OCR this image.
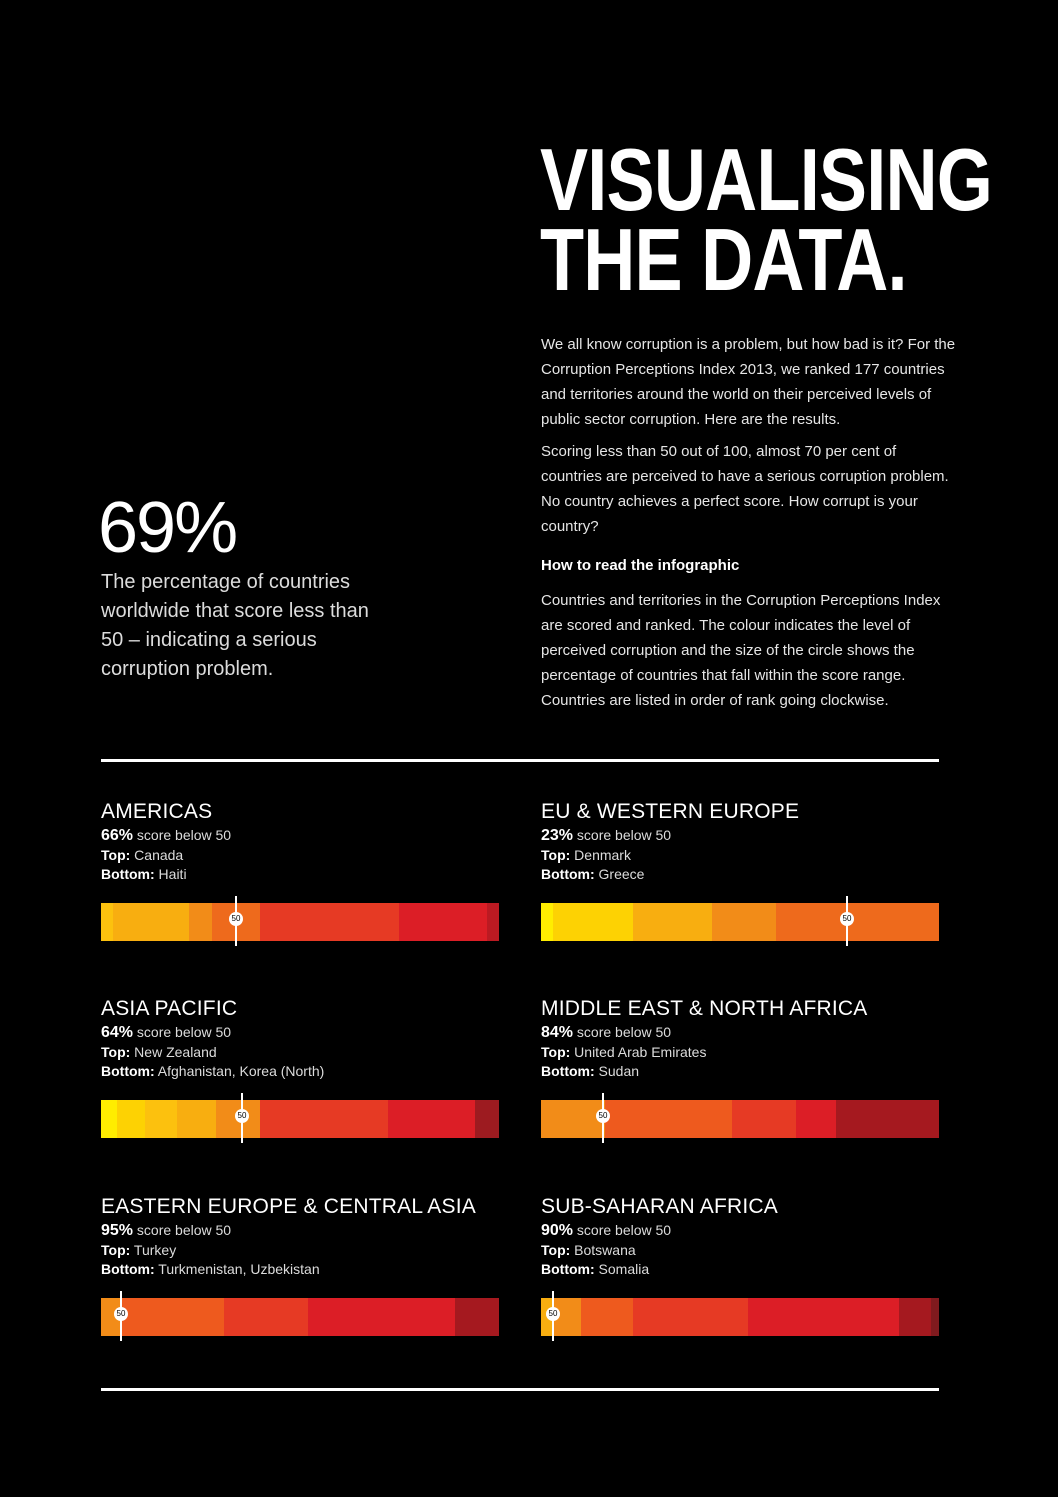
VISUALISING
THE DATA.

We all know corruption is a problem, but how bad is it? For the Corruption Perceptions Index 2013, we ranked 177 countries and territories around the world on their perceived levels of public sector corruption. Here are the results.

Scoring less than 50 out of 100, almost 70 per cent of countries are perceived to have a serious corruption problem. No country achieves a perfect score. How corrupt is your country?

How to read the infographic

Countries and territories in the Corruption Perceptions Index are scored and ranked. The colour indicates the level of perceived corruption and the size of the circle shows the percentage of countries that fall within the score range. Countries are listed in order of rank going clockwise.

69%
The percentage of countries worldwide that score less than 50 – indicating a serious corruption problem.
AMERICAS
66% score below 50
Top: Canada
Bottom: Haiti
50
EU & WESTERN EUROPE
23% score below 50
Top: Denmark
Bottom: Greece
50
ASIA PACIFIC
64% score below 50
Top: New Zealand
Bottom: Afghanistan, Korea (North)
50
MIDDLE EAST & NORTH AFRICA
84% score below 50
Top: United Arab Emirates
Bottom: Sudan
50
EASTERN EUROPE & CENTRAL ASIA
95% score below 50
Top: Turkey
Bottom: Turkmenistan, Uzbekistan
50
SUB-SAHARAN AFRICA
90% score below 50
Top: Botswana
Bottom: Somalia
50
